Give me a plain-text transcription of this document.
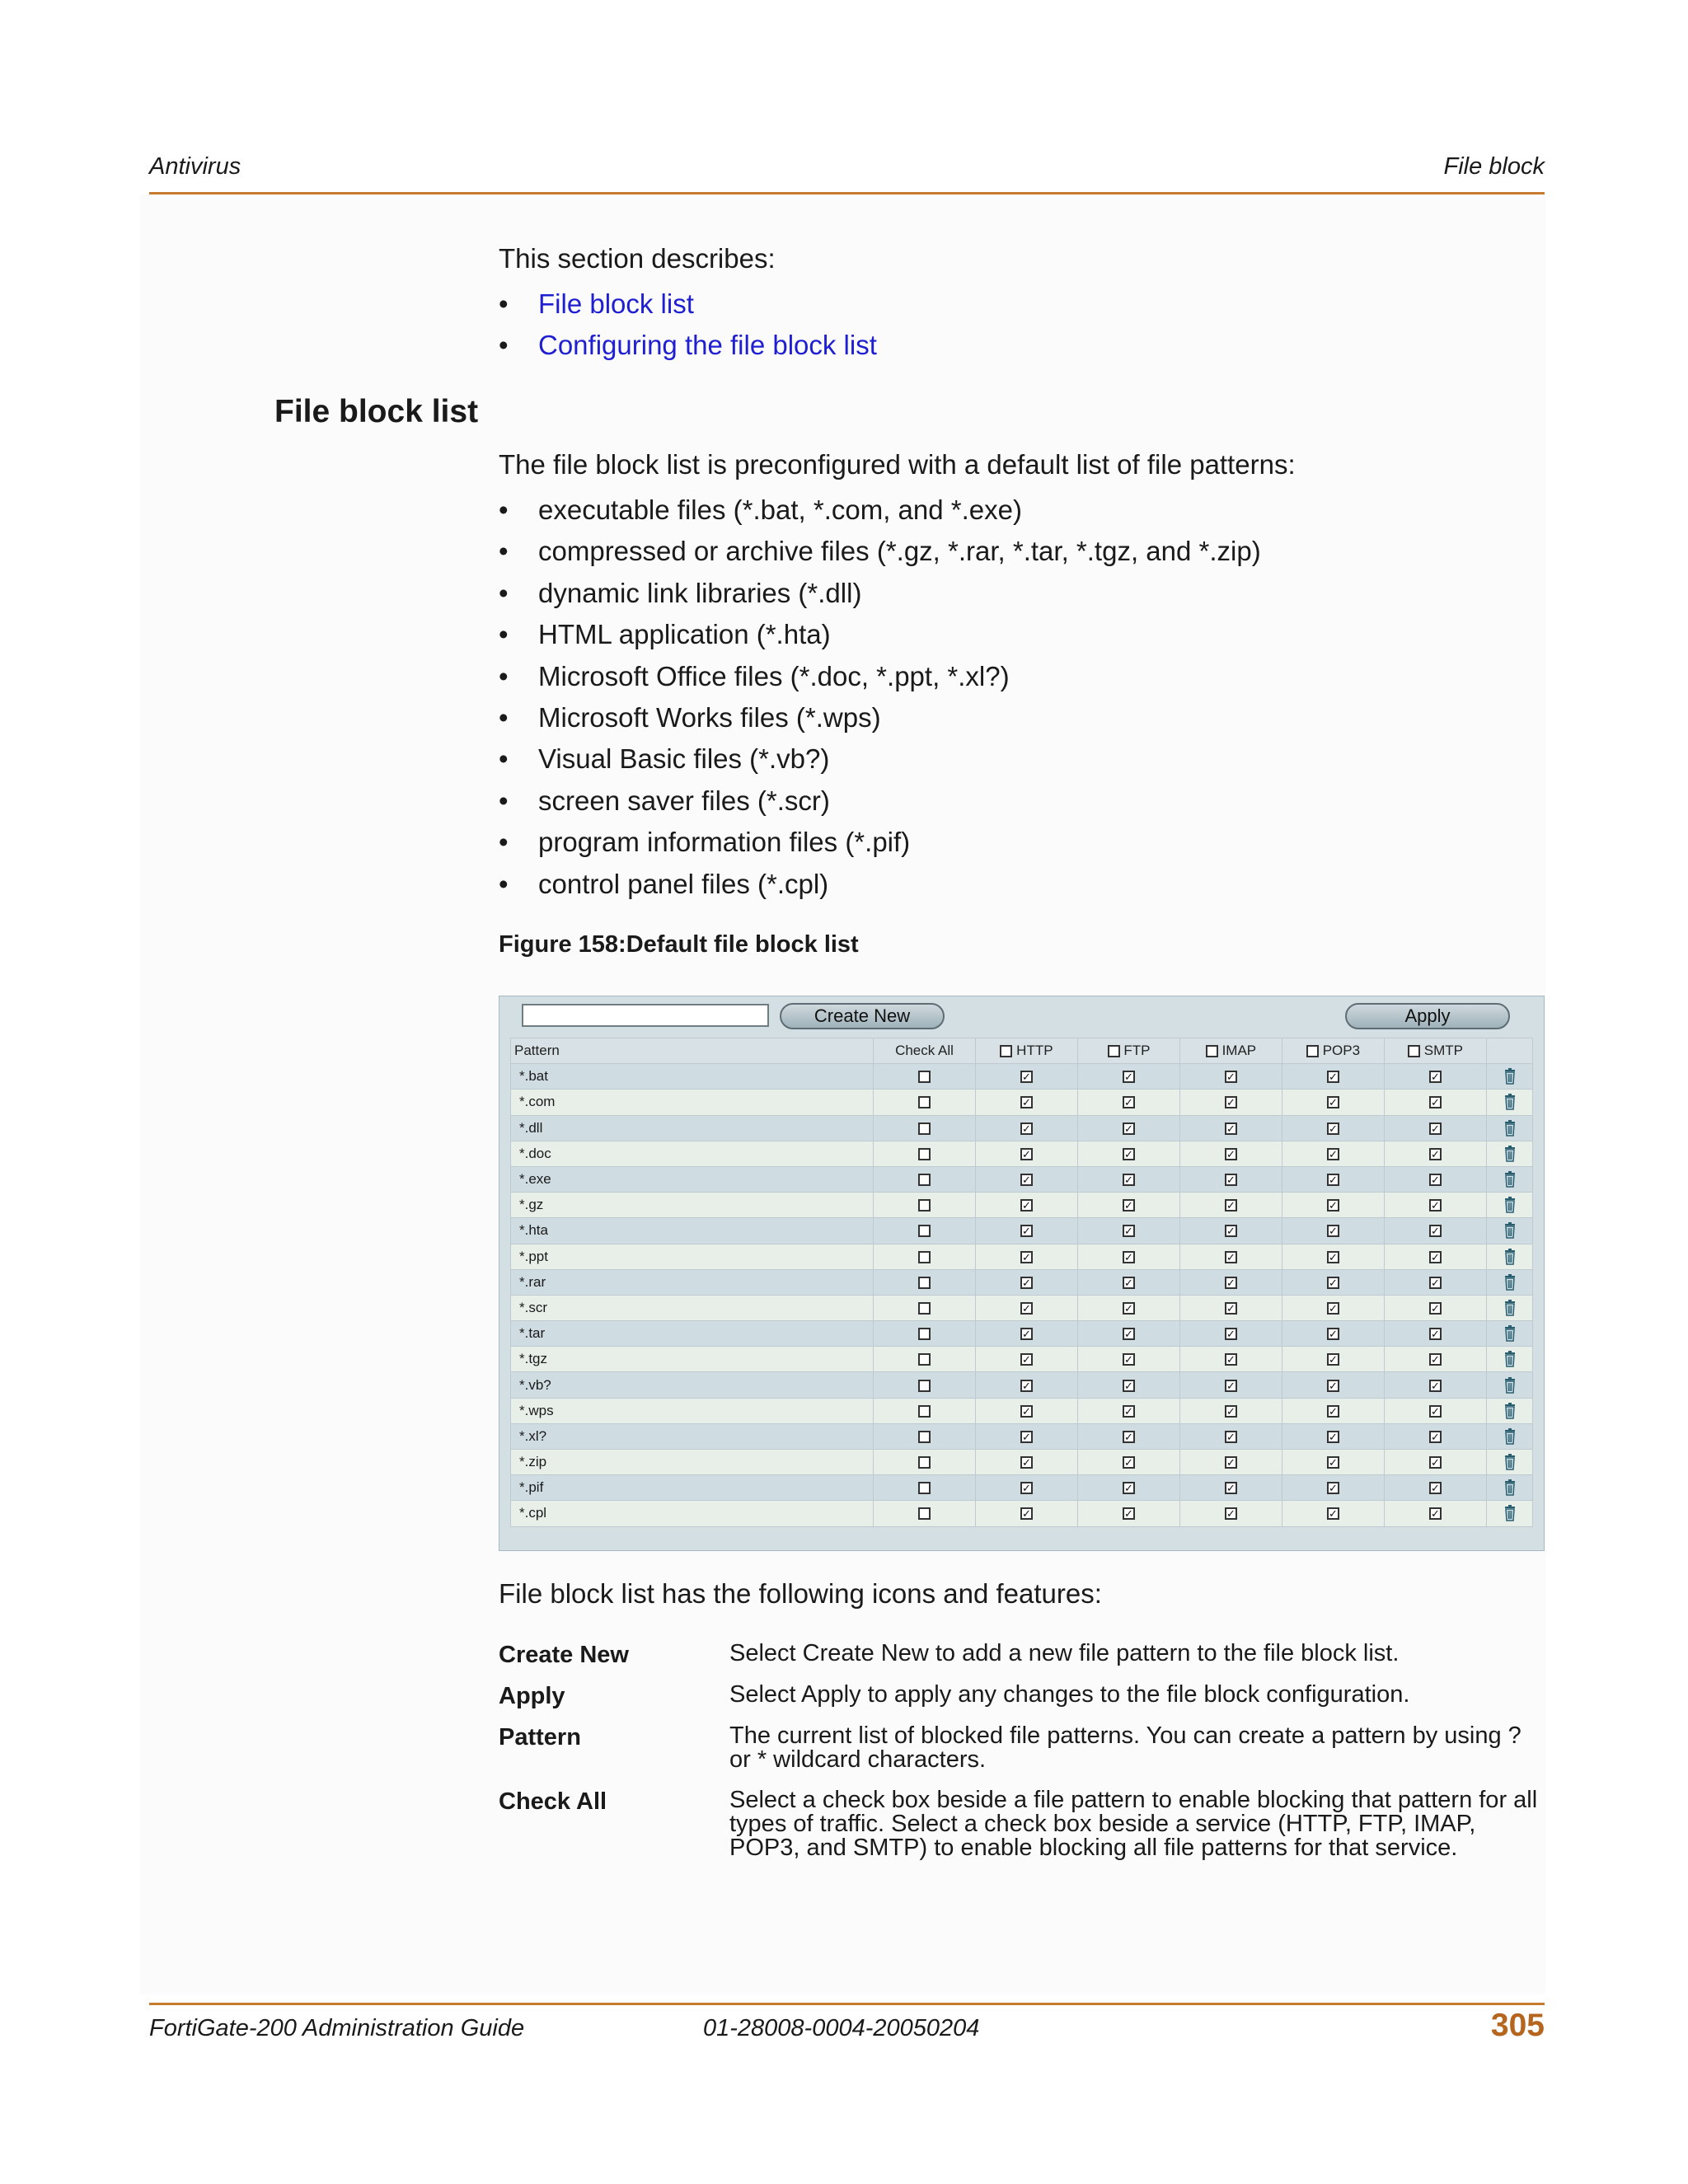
Antivirus	File block
This section describes:
• File block list
• Configuring the file block list
File block list
The file block list is preconfigured with a default list of file patterns:
• executable files (*.bat, *.com, and *.exe)
• compressed or archive files (*.gz, *.rar, *.tar, *.tgz, and *.zip)
• dynamic link libraries (*.dll)
• HTML application (*.hta)
• Microsoft Office files (*.doc, *.ppt, *.xl?)
• Microsoft Works files (*.wps)
• Visual Basic files (*.vb?)
• screen saver files (*.scr)
• program information files (*.pif)
• control panel files (*.cpl)
Figure 158:Default file block list
Create New	Apply
Pattern	Check All	HTTP	FTP	IMAP	POP3	SMTP	
*.bat		✓	✓	✓	✓	✓	
*.com		✓	✓	✓	✓	✓	
*.dll		✓	✓	✓	✓	✓	
*.doc		✓	✓	✓	✓	✓	
*.exe		✓	✓	✓	✓	✓	
*.gz		✓	✓	✓	✓	✓	
*.hta		✓	✓	✓	✓	✓	
*.ppt		✓	✓	✓	✓	✓	
*.rar		✓	✓	✓	✓	✓	
*.scr		✓	✓	✓	✓	✓	
*.tar		✓	✓	✓	✓	✓	
*.tgz		✓	✓	✓	✓	✓	
*.vb?		✓	✓	✓	✓	✓	
*.wps		✓	✓	✓	✓	✓	
*.xl?		✓	✓	✓	✓	✓	
*.zip		✓	✓	✓	✓	✓	
*.pif		✓	✓	✓	✓	✓	
*.cpl		✓	✓	✓	✓	✓	
File block list has the following icons and features:
Create New	Select Create New to add a new file pattern to the file block list.
Apply	Select Apply to apply any changes to the file block configuration.
Pattern	The current list of blocked file patterns. You can create a pattern by using ? or * wildcard characters.
Check All	Select a check box beside a file pattern to enable blocking that pattern for all types of traffic. Select a check box beside a service (HTTP, FTP, IMAP, POP3, and SMTP) to enable blocking all file patterns for that service.
FortiGate-200 Administration Guide	01-28008-0004-20050204	305
